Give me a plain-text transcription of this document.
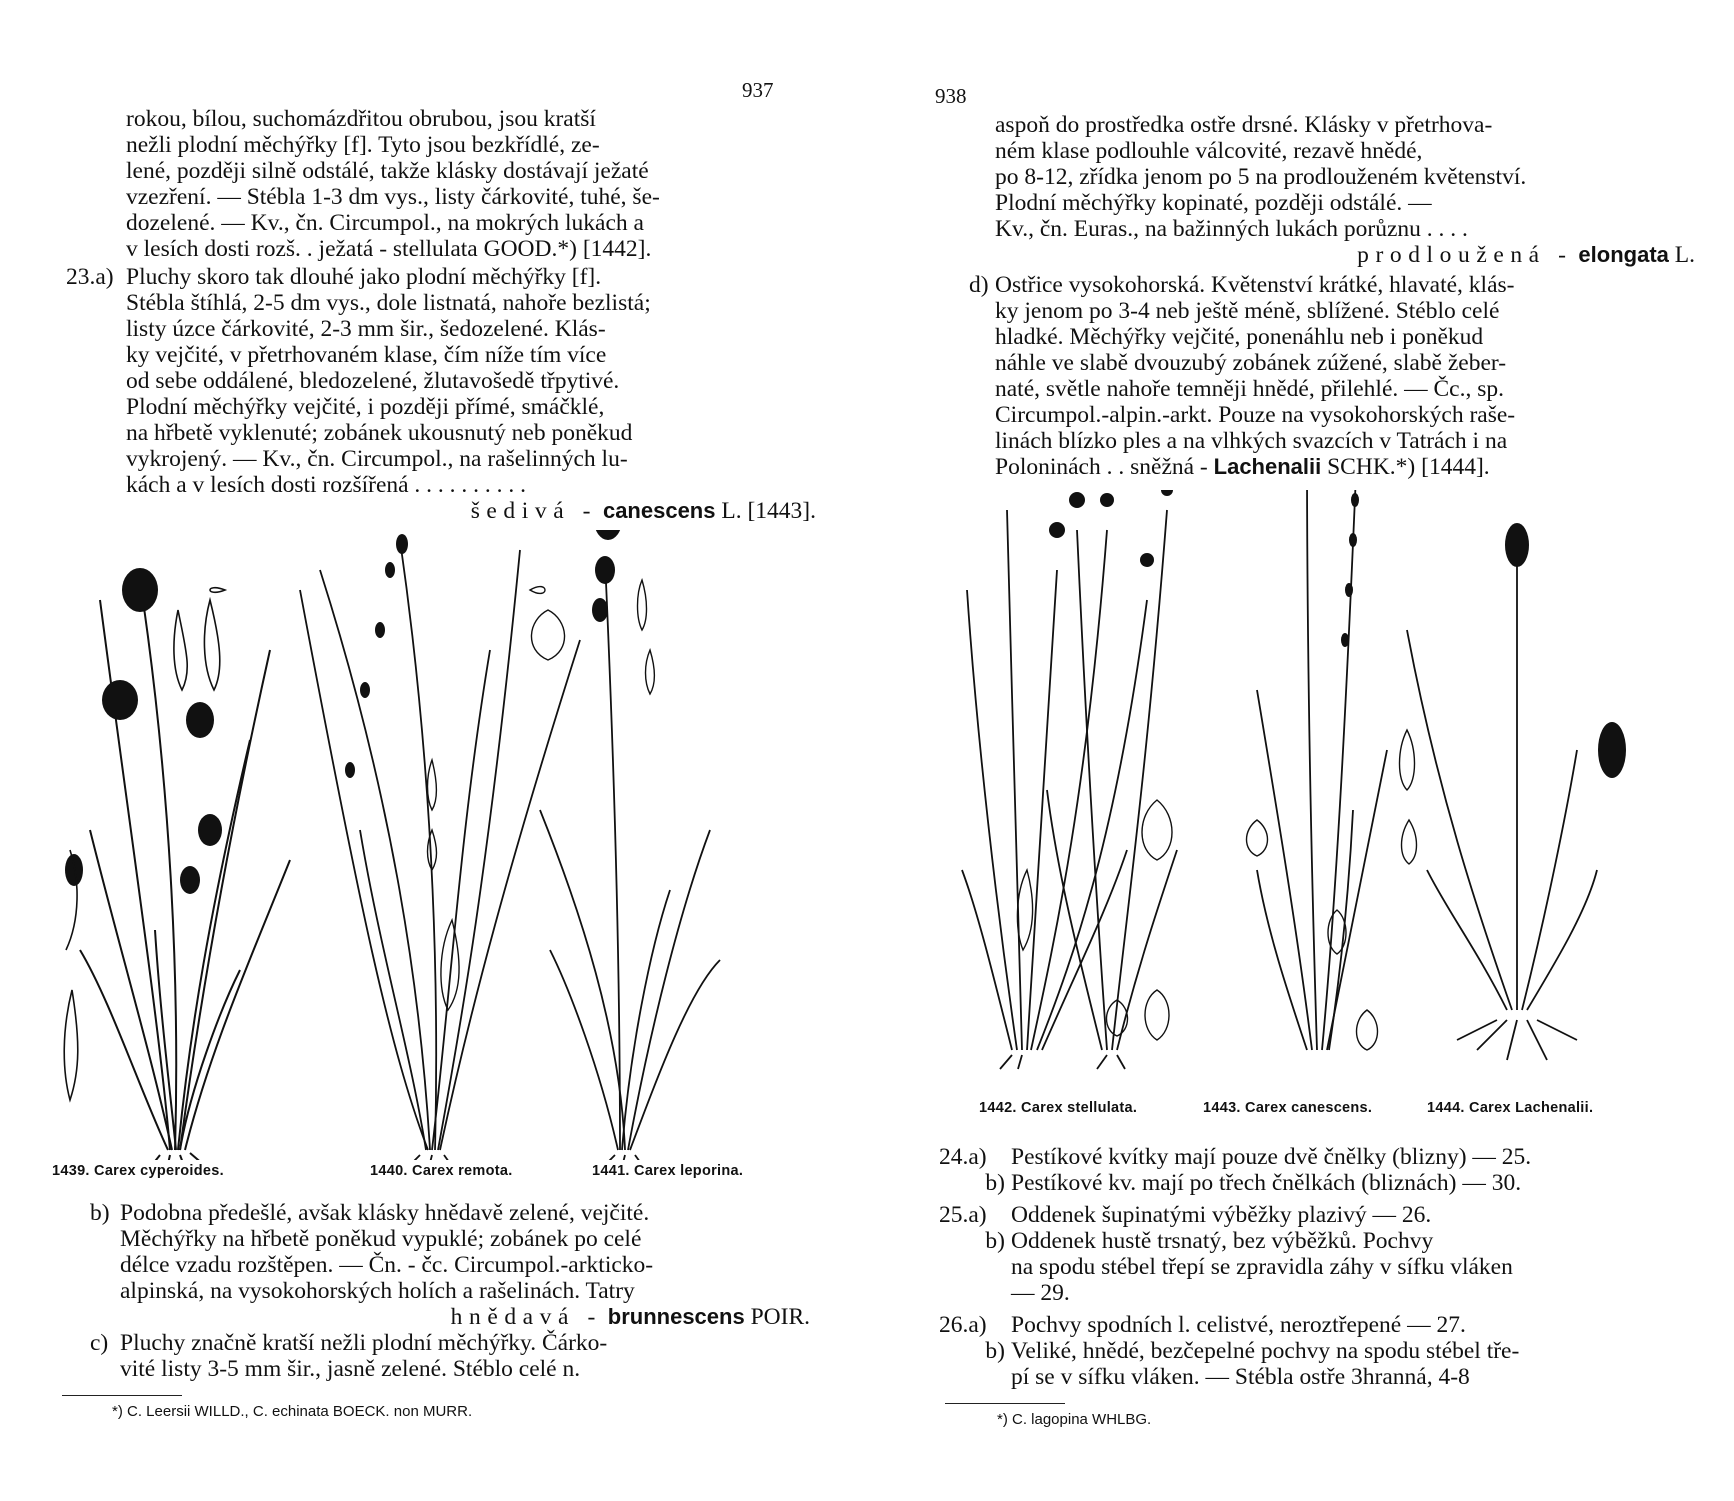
937
rokou, bílou, suchomázdřitou obrubou, jsou kratší
nežli plodní měchýřky [f]. Tyto jsou bezkřídlé, ze-
lené, později silně odstálé, takže klásky dostávají ježaté
vzezření. — Stébla 1-3 dm vys., listy čárkovité, tuhé, še-
dozelené. — Kv., čn. Circumpol., na mokrých lukách a
v lesích dosti rozš. . ježatá - stellulata GOOD.*) [1442].
23.a) Pluchy skoro tak dlouhé jako plodní měchýřky [f].
Stébla štíhlá, 2-5 dm vys., dole listnatá, nahoře bezlistá;
listy úzce čárkovité, 2-3 mm šir., šedozelené. Klás-
ky vejčité, v přetrhovaném klase, čím níže tím více
od sebe oddálené, bledozelené, žlutavošedě třpytivé.
Plodní měchýřky vejčité, i později přímé, smáčklé,
na hřbetě vyklenuté; zobánek ukousnutý neb poněkud
vykrojený. — Kv., čn. Circumpol., na rašelinných lu-
kách a v lesích dosti rozšířená . . . . . . . . . .
šedivá - canescens L. [1443].
1439. Carex cyperoides.	1440. Carex remota.	1441. Carex leporina.
b) Podobna předešlé, avšak klásky hnědavě zelené, vejčité.
Měchýřky na hřbetě poněkud vypuklé; zobánek po celé
délce vzadu rozštěpen. — Čn. - čc. Circumpol.-arkticko-
alpinská, na vysokohorských holích a rašelinách. Tatry
hnědavá - brunnescens POIR.
c) Pluchy značně kratší nežli plodní měchýřky. Čárko-
vité listy 3-5 mm šir., jasně zelené. Stéblo celé n.
*) C. Leersii WILLD., C. echinata BOECK. non MURR.
938
aspoň do prostředka ostře drsné. Klásky v přetrhova-
ném klase podlouhle válcovité, rezavě hnědé,
po 8-12, zřídka jenom po 5 na prodlouženém květenství.
Plodní měchýřky kopinaté, později odstálé. —
Kv., čn. Euras., na bažinných lukách porůznu . . . .
prodloužená - elongata L.
d) Ostřice vysokohorská. Květenství krátké, hlavaté, klás-
ky jenom po 3-4 neb ještě méně, sblížené. Stéblo celé
hladké. Měchýřky vejčité, ponenáhlu neb i poněkud
náhle ve slabě dvouzubý zobánek zúžené, slabě žeber-
naté, světle nahoře temněji hnědé, přilehlé. — Čc., sp.
Circumpol.-alpin.-arkt. Pouze na vysokohorských raše-
linách blízko ples a na vlhkých svazcích v Tatrách i na
Poloninách . . sněžná - Lachenalii SCHK.*) [1444].
1442. Carex stellulata.	1443. Carex canescens.	1444. Carex Lachenalii.
24.a) Pestíkové kvítky mají pouze dvě čnělky (blizny) — 25.
b) Pestíkové kv. mají po třech čnělkách (bliznách) — 30.
25.a) Oddenek šupinatými výběžky plazivý — 26.
b) Oddenek hustě trsnatý, bez výběžků. Pochvy
na spodu stébel třepí se zpravidla záhy v sífku vláken
— 29.
26.a) Pochvy spodních l. celistvé, neroztřepené — 27.
b) Veliké, hnědé, bezčepelné pochvy na spodu stébel tře-
pí se v sífku vláken. — Stébla ostře 3hranná, 4-8
*) C. lagopina WHLBG.
